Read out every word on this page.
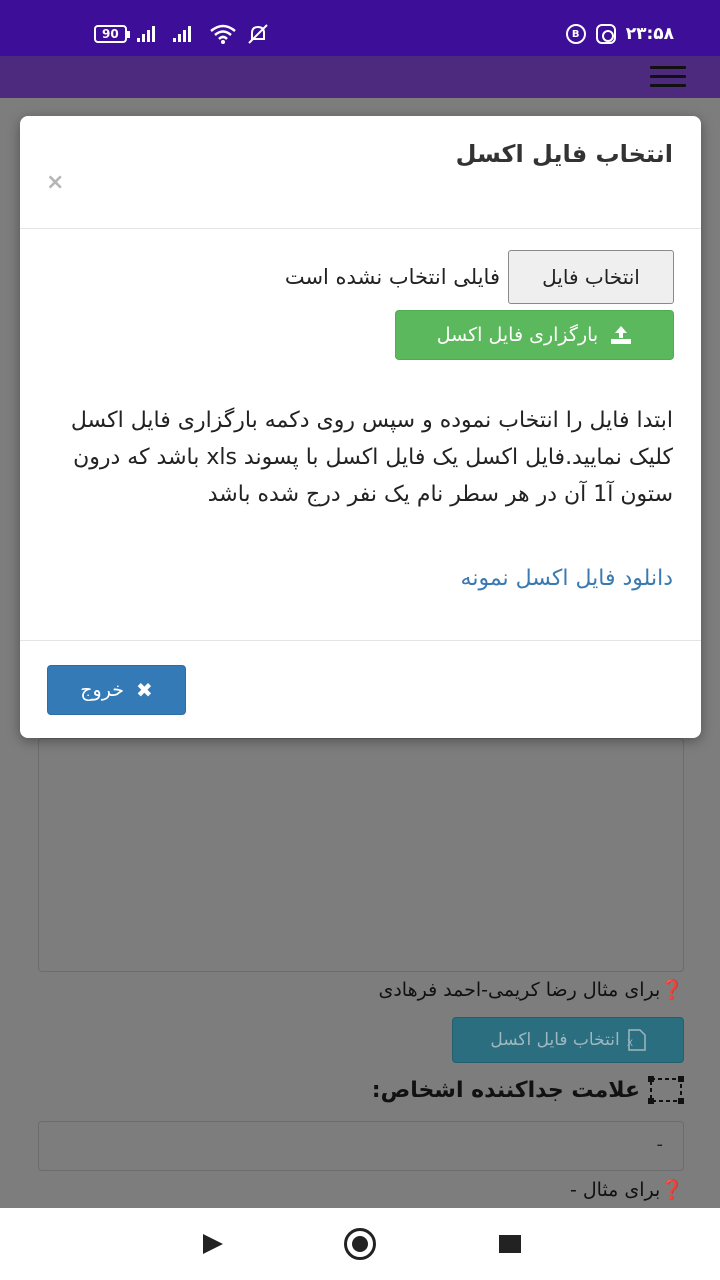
90	B	۲۳:۵۸
❓برای مثال رضا کریمی-احمد فرهادی
X
انتخاب فایل اکسل
علامت جداکننده اشخاص:
-
❓برای مثال -
انتخاب فایل اکسل
×
انتخاب فایل
فایلی انتخاب نشده است
بارگزاری فایل اکسل
ابتدا فایل را انتخاب نموده و سپس روی دکمه بارگزاری فایل اکسل کلیک نمایید.فایل اکسل یک فایل اکسل با پسوند xls باشد که درون ستون آ1 آن در هر سطر نام یک نفر درج شده باشد
دانلود فایل اکسل نمونه
✖
خروج
